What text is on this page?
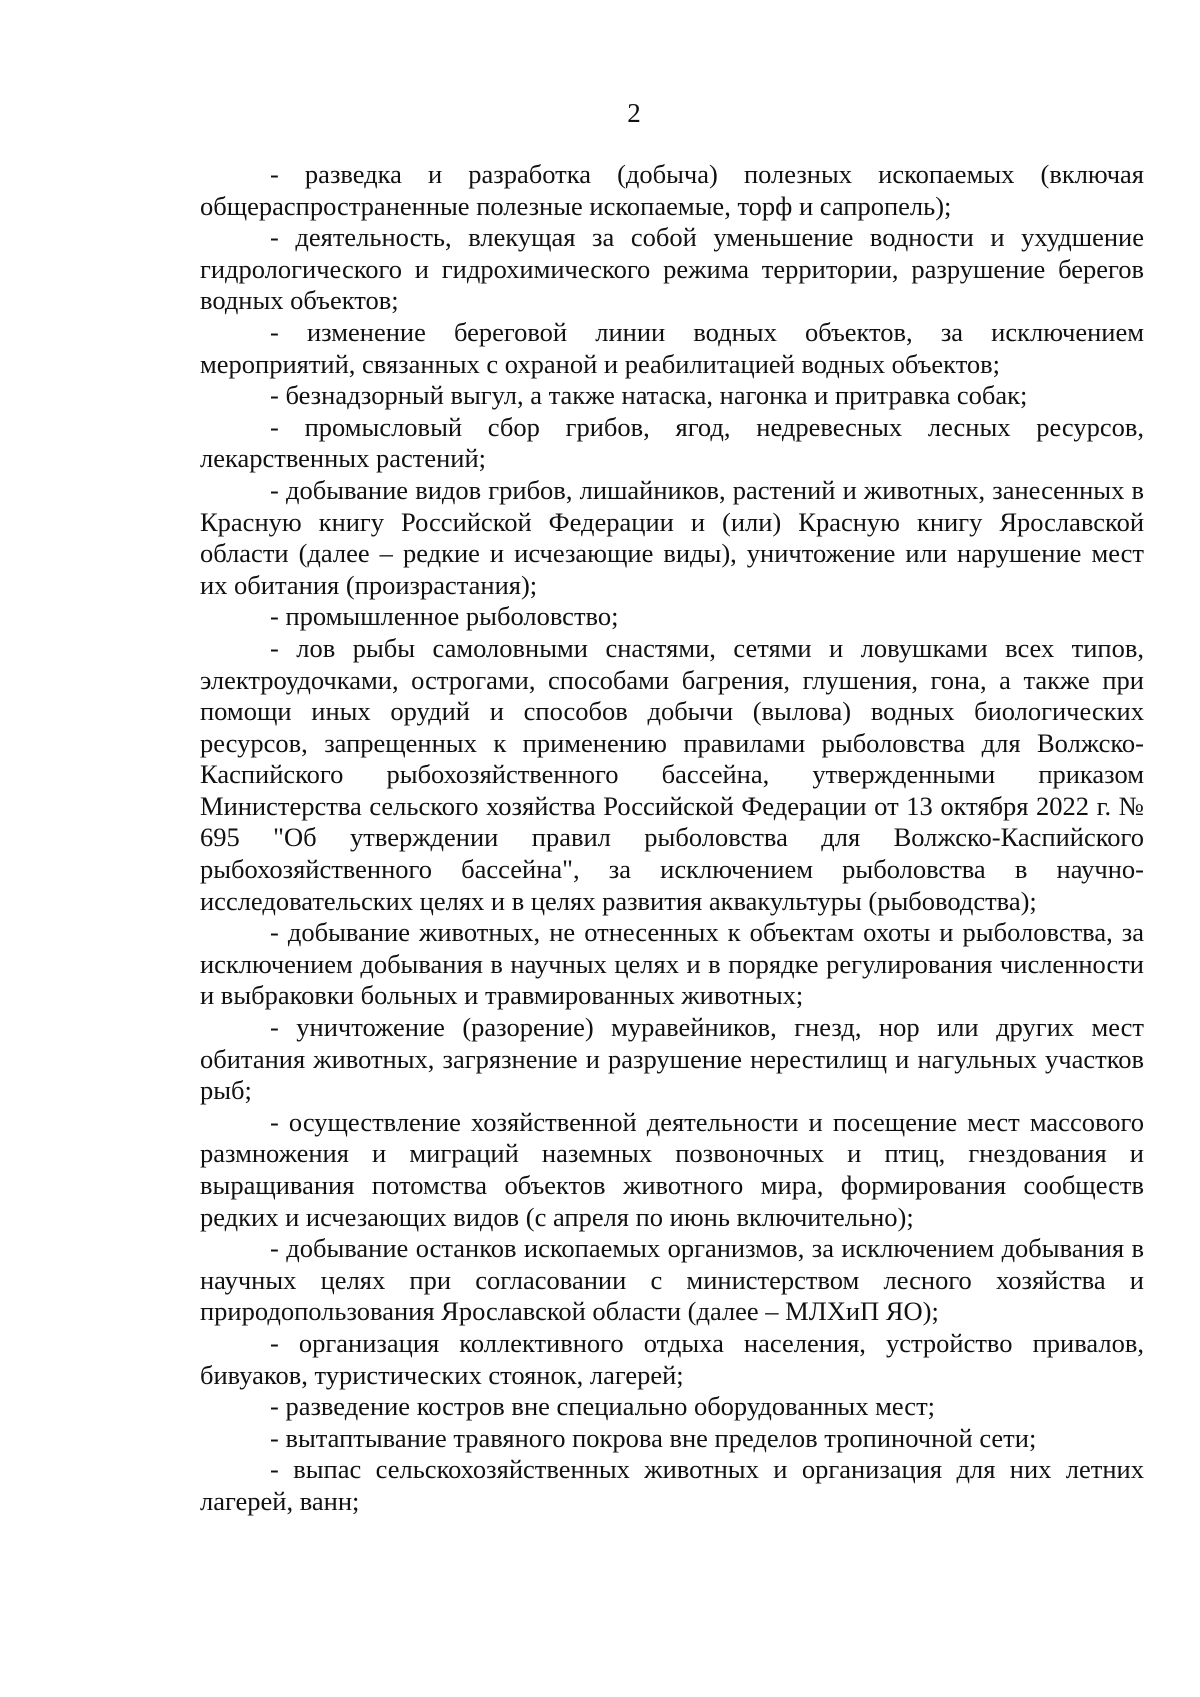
2

- разведка и разработка (добыча) полезных ископаемых (включая общераспространенные полезные ископаемые, торф и сапропель);

- деятельность, влекущая за собой уменьшение водности и ухудшение гидрологического и гидрохимического режима территории, разрушение берегов водных объектов;

- изменение береговой линии водных объектов, за исключением мероприятий, связанных с охраной и реабилитацией водных объектов;

- безнадзорный выгул, а также натаска, нагонка и притравка собак;

- промысловый сбор грибов, ягод, недревесных лесных ресурсов, лекарственных растений;

- добывание видов грибов, лишайников, растений и животных, занесенных в Красную книгу Российской Федерации и (или) Красную книгу Ярославской области (далее – редкие и исчезающие виды), уничтожение или нарушение мест их обитания (произрастания);

- промышленное рыболовство;

- лов рыбы самоловными снастями, сетями и ловушками всех типов, электроудочками, острогами, способами багрения, глушения, гона, а также при помощи иных орудий и способов добычи (вылова) водных биологических ресурсов, запрещенных к применению правилами рыболовства для Волжско-Каспийского рыбохозяйственного бассейна, утвержденными приказом Министерства сельского хозяйства Российской Федерации от 13 октября 2022 г. № 695 "Об утверждении правил рыболовства для Волжско-Каспийского рыбохозяйственного бассейна", за исключением рыболовства в научно-исследовательских целях и в целях развития аквакультуры (рыбоводства);

- добывание животных, не отнесенных к объектам охоты и рыболовства, за исключением добывания в научных целях и в порядке регулирования численности и выбраковки больных и травмированных животных;

- уничтожение (разорение) муравейников, гнезд, нор или других мест обитания животных, загрязнение и разрушение нерестилищ и нагульных участков рыб;

- осуществление хозяйственной деятельности и посещение мест массового размножения и миграций наземных позвоночных и птиц, гнездования и выращивания потомства объектов животного мира, формирования сообществ редких и исчезающих видов (с апреля по июнь включительно);

- добывание останков ископаемых организмов, за исключением добывания в научных целях при согласовании с министерством лесного хозяйства и природопользования Ярославской области (далее – МЛХиП ЯО);

- организация коллективного отдыха населения, устройство привалов, бивуаков, туристических стоянок, лагерей;

- разведение костров вне специально оборудованных мест;

- вытаптывание травяного покрова вне пределов тропиночной сети;

- выпас сельскохозяйственных животных и организация для них летних лагерей, ванн;
